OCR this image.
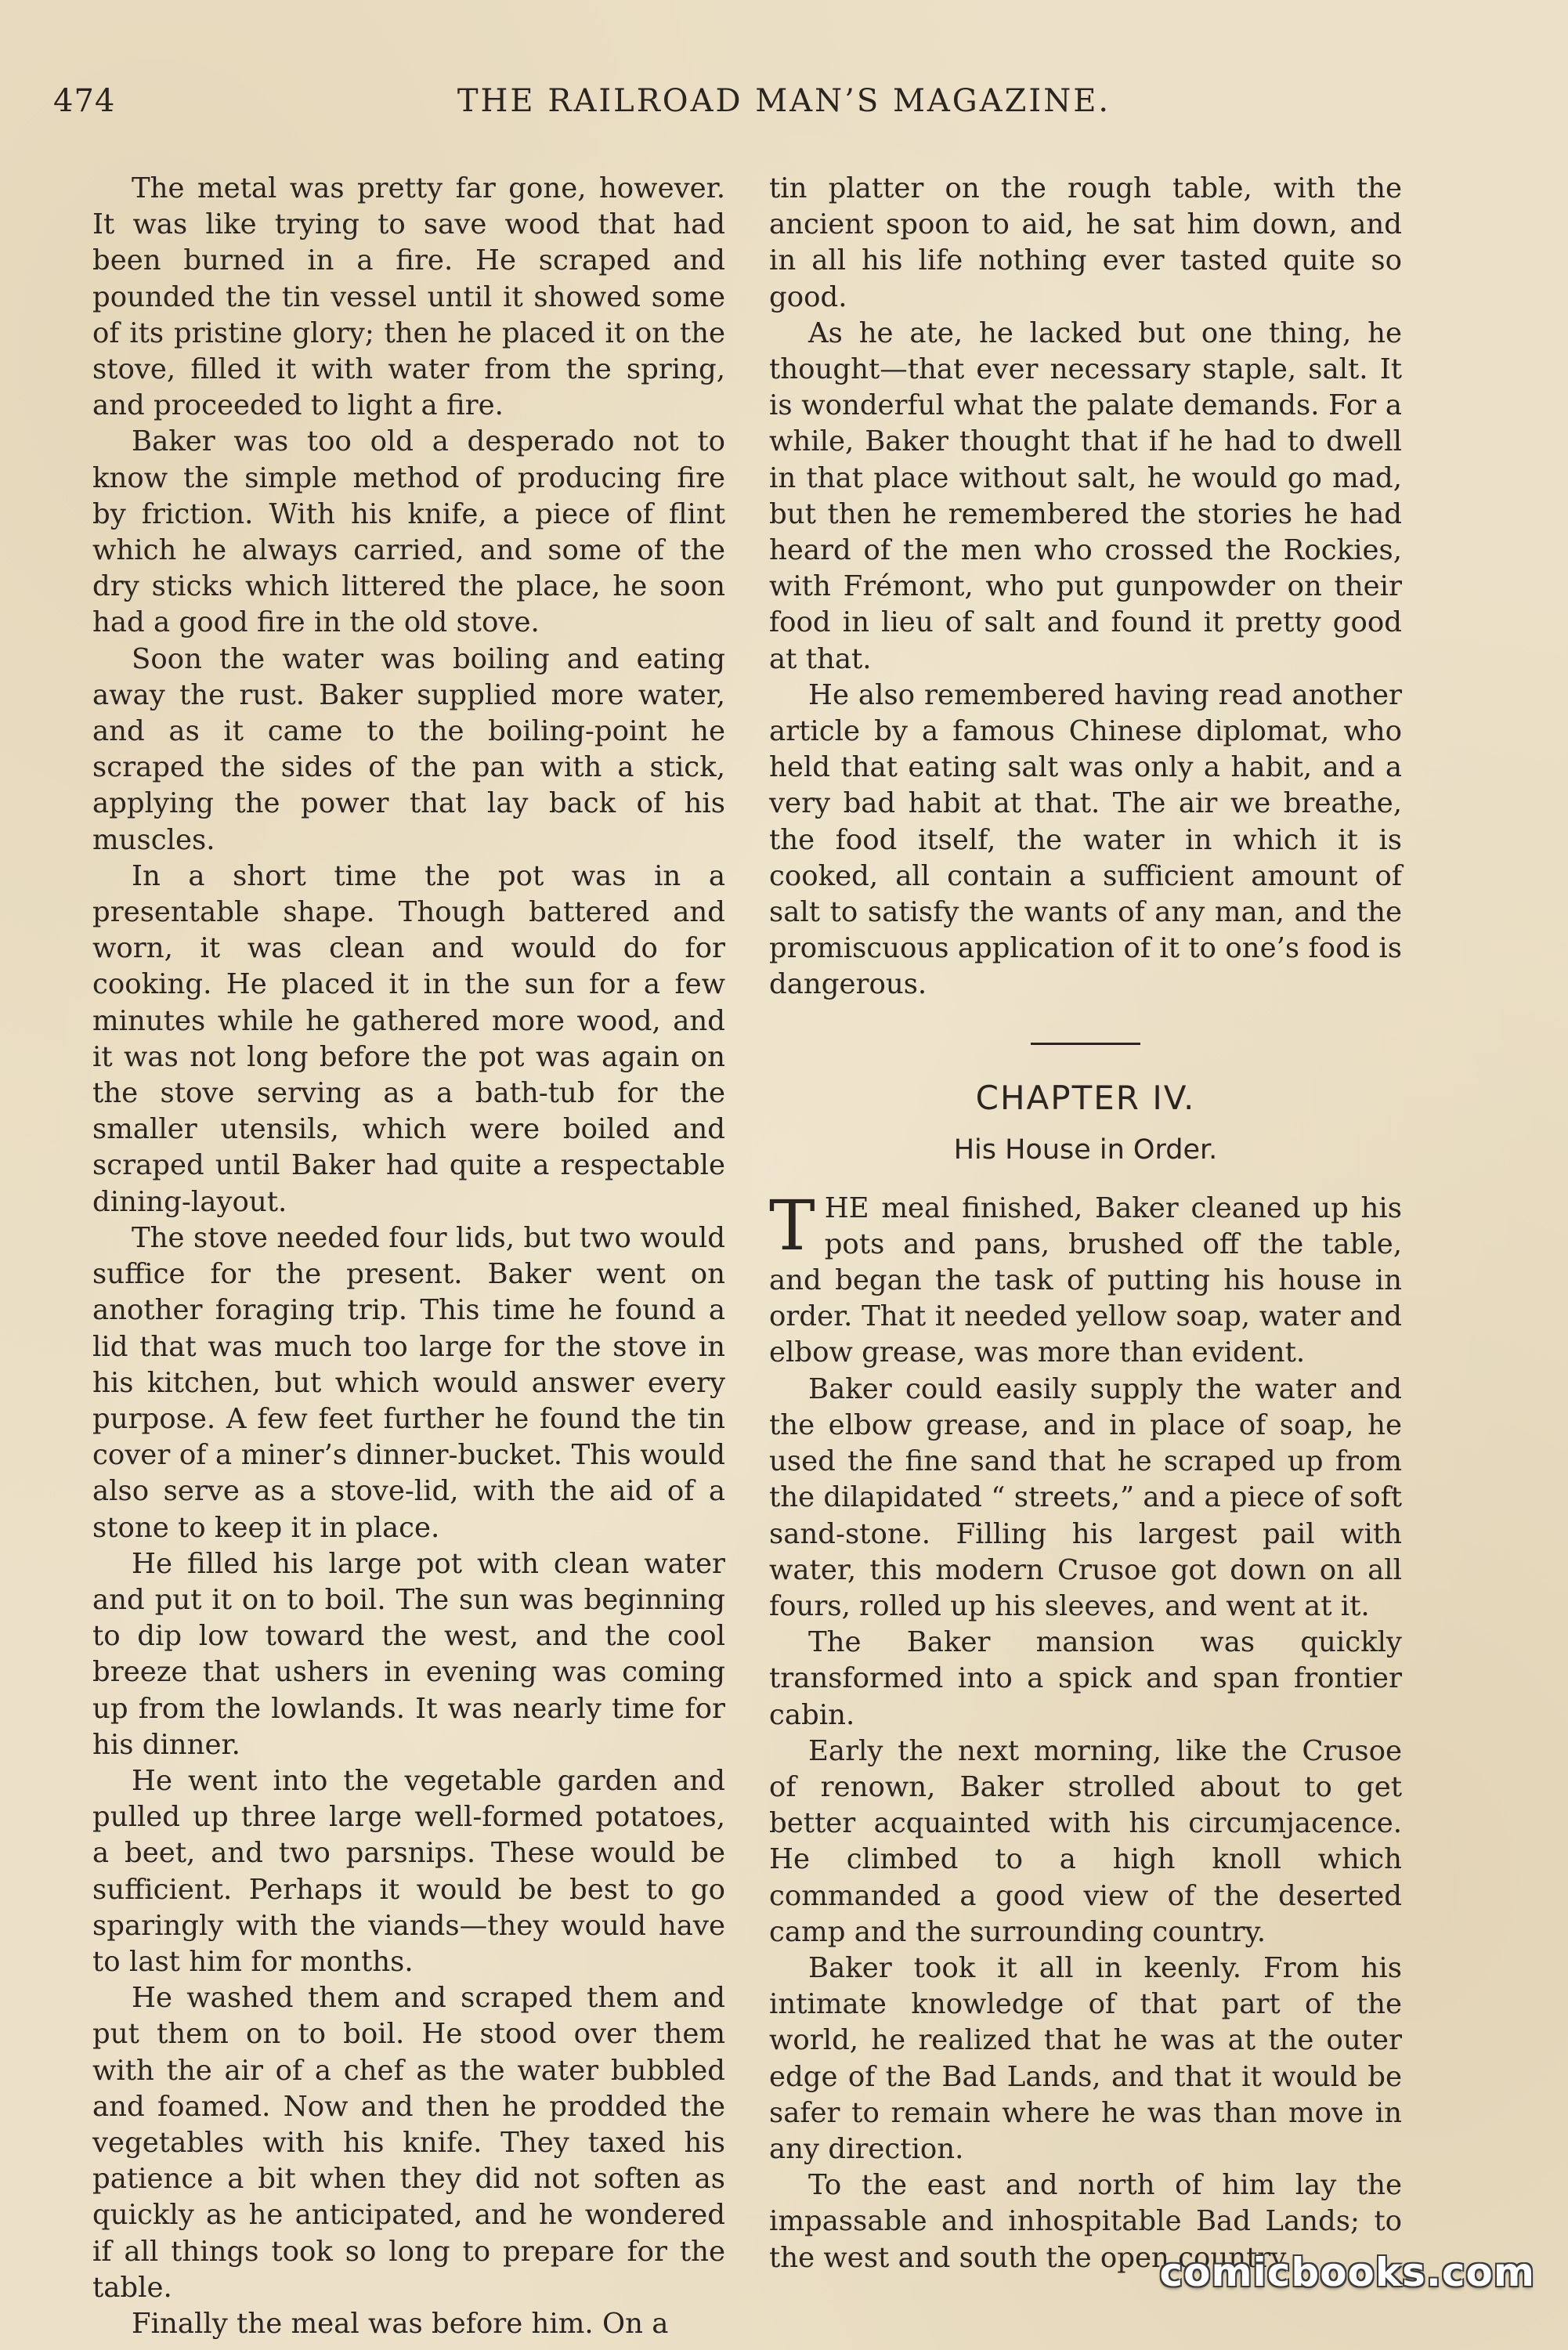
474	THE RAILROAD MAN’S MAGAZINE.

The metal was pretty far gone, however. It was like trying to save wood that had been burned in a fire. He scraped and pounded the tin vessel until it showed some of its pristine glory; then he placed it on the stove, filled it with water from the spring, and proceeded to light a fire.

Baker was too old a desperado not to know the simple method of producing fire by friction. With his knife, a piece of flint which he always carried, and some of the dry sticks which littered the place, he soon had a good fire in the old stove.

Soon the water was boiling and eating away the rust. Baker supplied more water, and as it came to the boiling-point he scraped the sides of the pan with a stick, applying the power that lay back of his muscles.

In a short time the pot was in a presentable shape. Though battered and worn, it was clean and would do for cooking. He placed it in the sun for a few minutes while he gathered more wood, and it was not long before the pot was again on the stove serving as a bath-tub for the smaller utensils, which were boiled and scraped until Baker had quite a respectable dining-layout.

The stove needed four lids, but two would suffice for the present. Baker went on another foraging trip. This time he found a lid that was much too large for the stove in his kitchen, but which would answer every purpose. A few feet further he found the tin cover of a miner’s dinner-bucket. This would also serve as a stove-lid, with the aid of a stone to keep it in place.

He filled his large pot with clean water and put it on to boil. The sun was beginning to dip low toward the west, and the cool breeze that ushers in evening was coming up from the lowlands. It was nearly time for his dinner.

He went into the vegetable garden and pulled up three large well-formed potatoes, a beet, and two parsnips. These would be sufficient. Perhaps it would be best to go sparingly with the viands—they would have to last him for months.

He washed them and scraped them and put them on to boil. He stood over them with the air of a chef as the water bubbled and foamed. Now and then he prodded the vegetables with his knife. They taxed his patience a bit when they did not soften as quickly as he anticipated, and he wondered if all things took so long to prepare for the table.

Finally the meal was before him. On a

tin platter on the rough table, with the ancient spoon to aid, he sat him down, and in all his life nothing ever tasted quite so good.

As he ate, he lacked but one thing, he thought—that ever necessary staple, salt. It is wonderful what the palate demands. For a while, Baker thought that if he had to dwell in that place without salt, he would go mad, but then he remembered the stories he had heard of the men who crossed the Rockies, with Frémont, who put gunpowder on their food in lieu of salt and found it pretty good at that.

He also remembered having read another article by a famous Chinese diplomat, who held that eating salt was only a habit, and a very bad habit at that. The air we breathe, the food itself, the water in which it is cooked, all contain a sufficient amount of salt to satisfy the wants of any man, and the promiscuous application of it to one’s food is dangerous.

CHAPTER IV.
His House in Order.

THE meal finished, Baker cleaned up his pots and pans, brushed off the table, and began the task of putting his house in order. That it needed yellow soap, water and elbow grease, was more than evident.

Baker could easily supply the water and the elbow grease, and in place of soap, he used the fine sand that he scraped up from the dilapidated “ streets,” and a piece of soft sand-stone. Filling his largest pail with water, this modern Crusoe got down on all fours, rolled up his sleeves, and went at it.

The Baker mansion was quickly transformed into a spick and span frontier cabin.

Early the next morning, like the Crusoe of renown, Baker strolled about to get better acquainted with his circumjacence. He climbed to a high knoll which commanded a good view of the deserted camp and the surrounding country.

Baker took it all in keenly. From his intimate knowledge of that part of the world, he realized that he was at the outer edge of the Bad Lands, and that it would be safer to remain where he was than move in any direction.

To the east and north of him lay the impassable and inhospitable Bad Lands; to the west and south the open country.

comicbooks.com
